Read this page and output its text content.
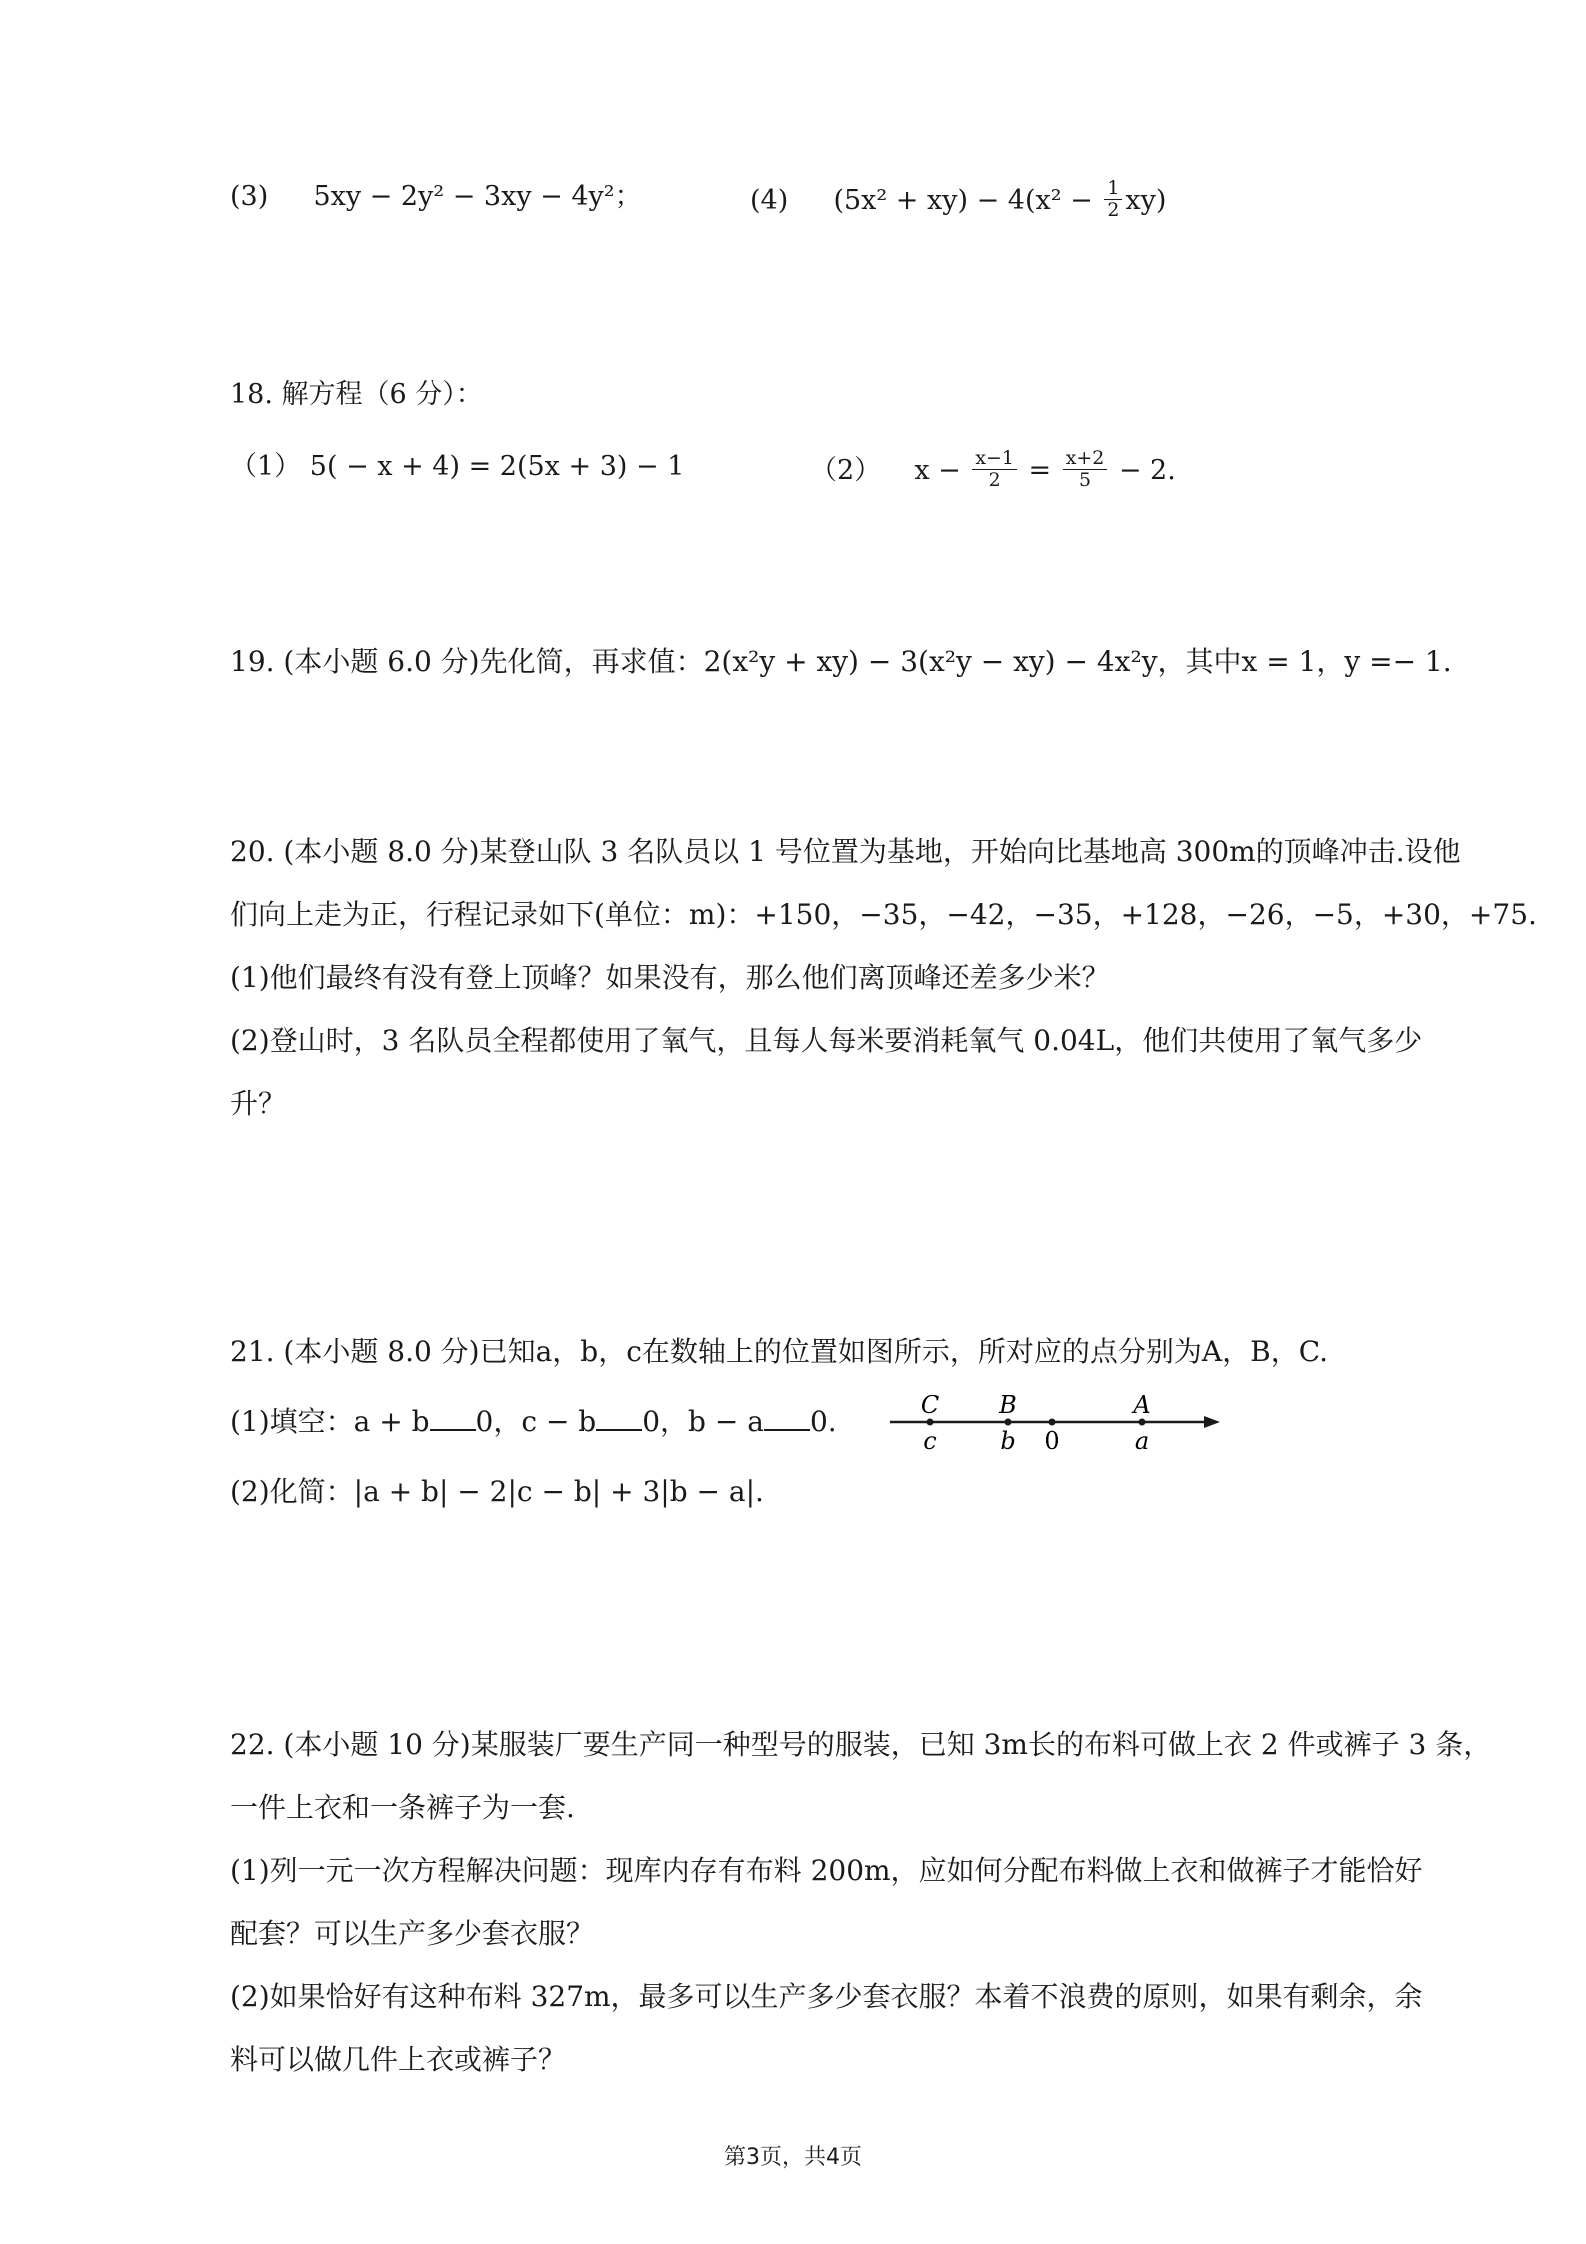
(3) 5xy − 2y² − 3xy − 4y²；	(4) $(5x^2 + xy) - 4(x^2 - \frac{1}{2} xy)$
18. 解方程（6 分）：
（1） 5( − x + 4) = 2(5x + 3) − 1	（2） $x - \frac{x-1}{2} = \frac{x+2}{5} - 2$.
19. (本小题 6.0 分)先化简，再求值：2(x²y + xy) − 3(x²y − xy) − 4x²y，其中x = 1，y =− 1.
20. (本小题 8.0 分)某登山队 3 名队员以 1 号位置为基地，开始向比基地高 300m的顶峰冲击.设他
们向上走为正，行程记录如下(单位：m)：+150，−35，−42，−35，+128，−26，−5，+30，+75.
(1)他们最终有没有登上顶峰？如果没有，那么他们离顶峰还差多少米？
(2)登山时，3 名队员全程都使用了氧气，且每人每米要消耗氧气 0.04L，他们共使用了氧气多少
升？
21. (本小题 8.0 分)已知a，b，c在数轴上的位置如图所示，所对应的点分别为A，B，C.
(1)填空：a + b 0，c − b 0，b − a 0.
(2)化简：|a + b| − 2|c − b| + 3|b − a|.
C B	A
c	b 0	a
22. (本小题 10 分)某服装厂要生产同一种型号的服装，已知 3m长的布料可做上衣 2 件或裤子 3 条，
一件上衣和一条裤子为一套.
(1)列一元一次方程解决问题：现库内存有布料 200m，应如何分配布料做上衣和做裤子才能恰好
配套？可以生产多少套衣服？
(2)如果恰好有这种布料 327m，最多可以生产多少套衣服？本着不浪费的原则，如果有剩余，余
料可以做几件上衣或裤子？
第3页，共4页
